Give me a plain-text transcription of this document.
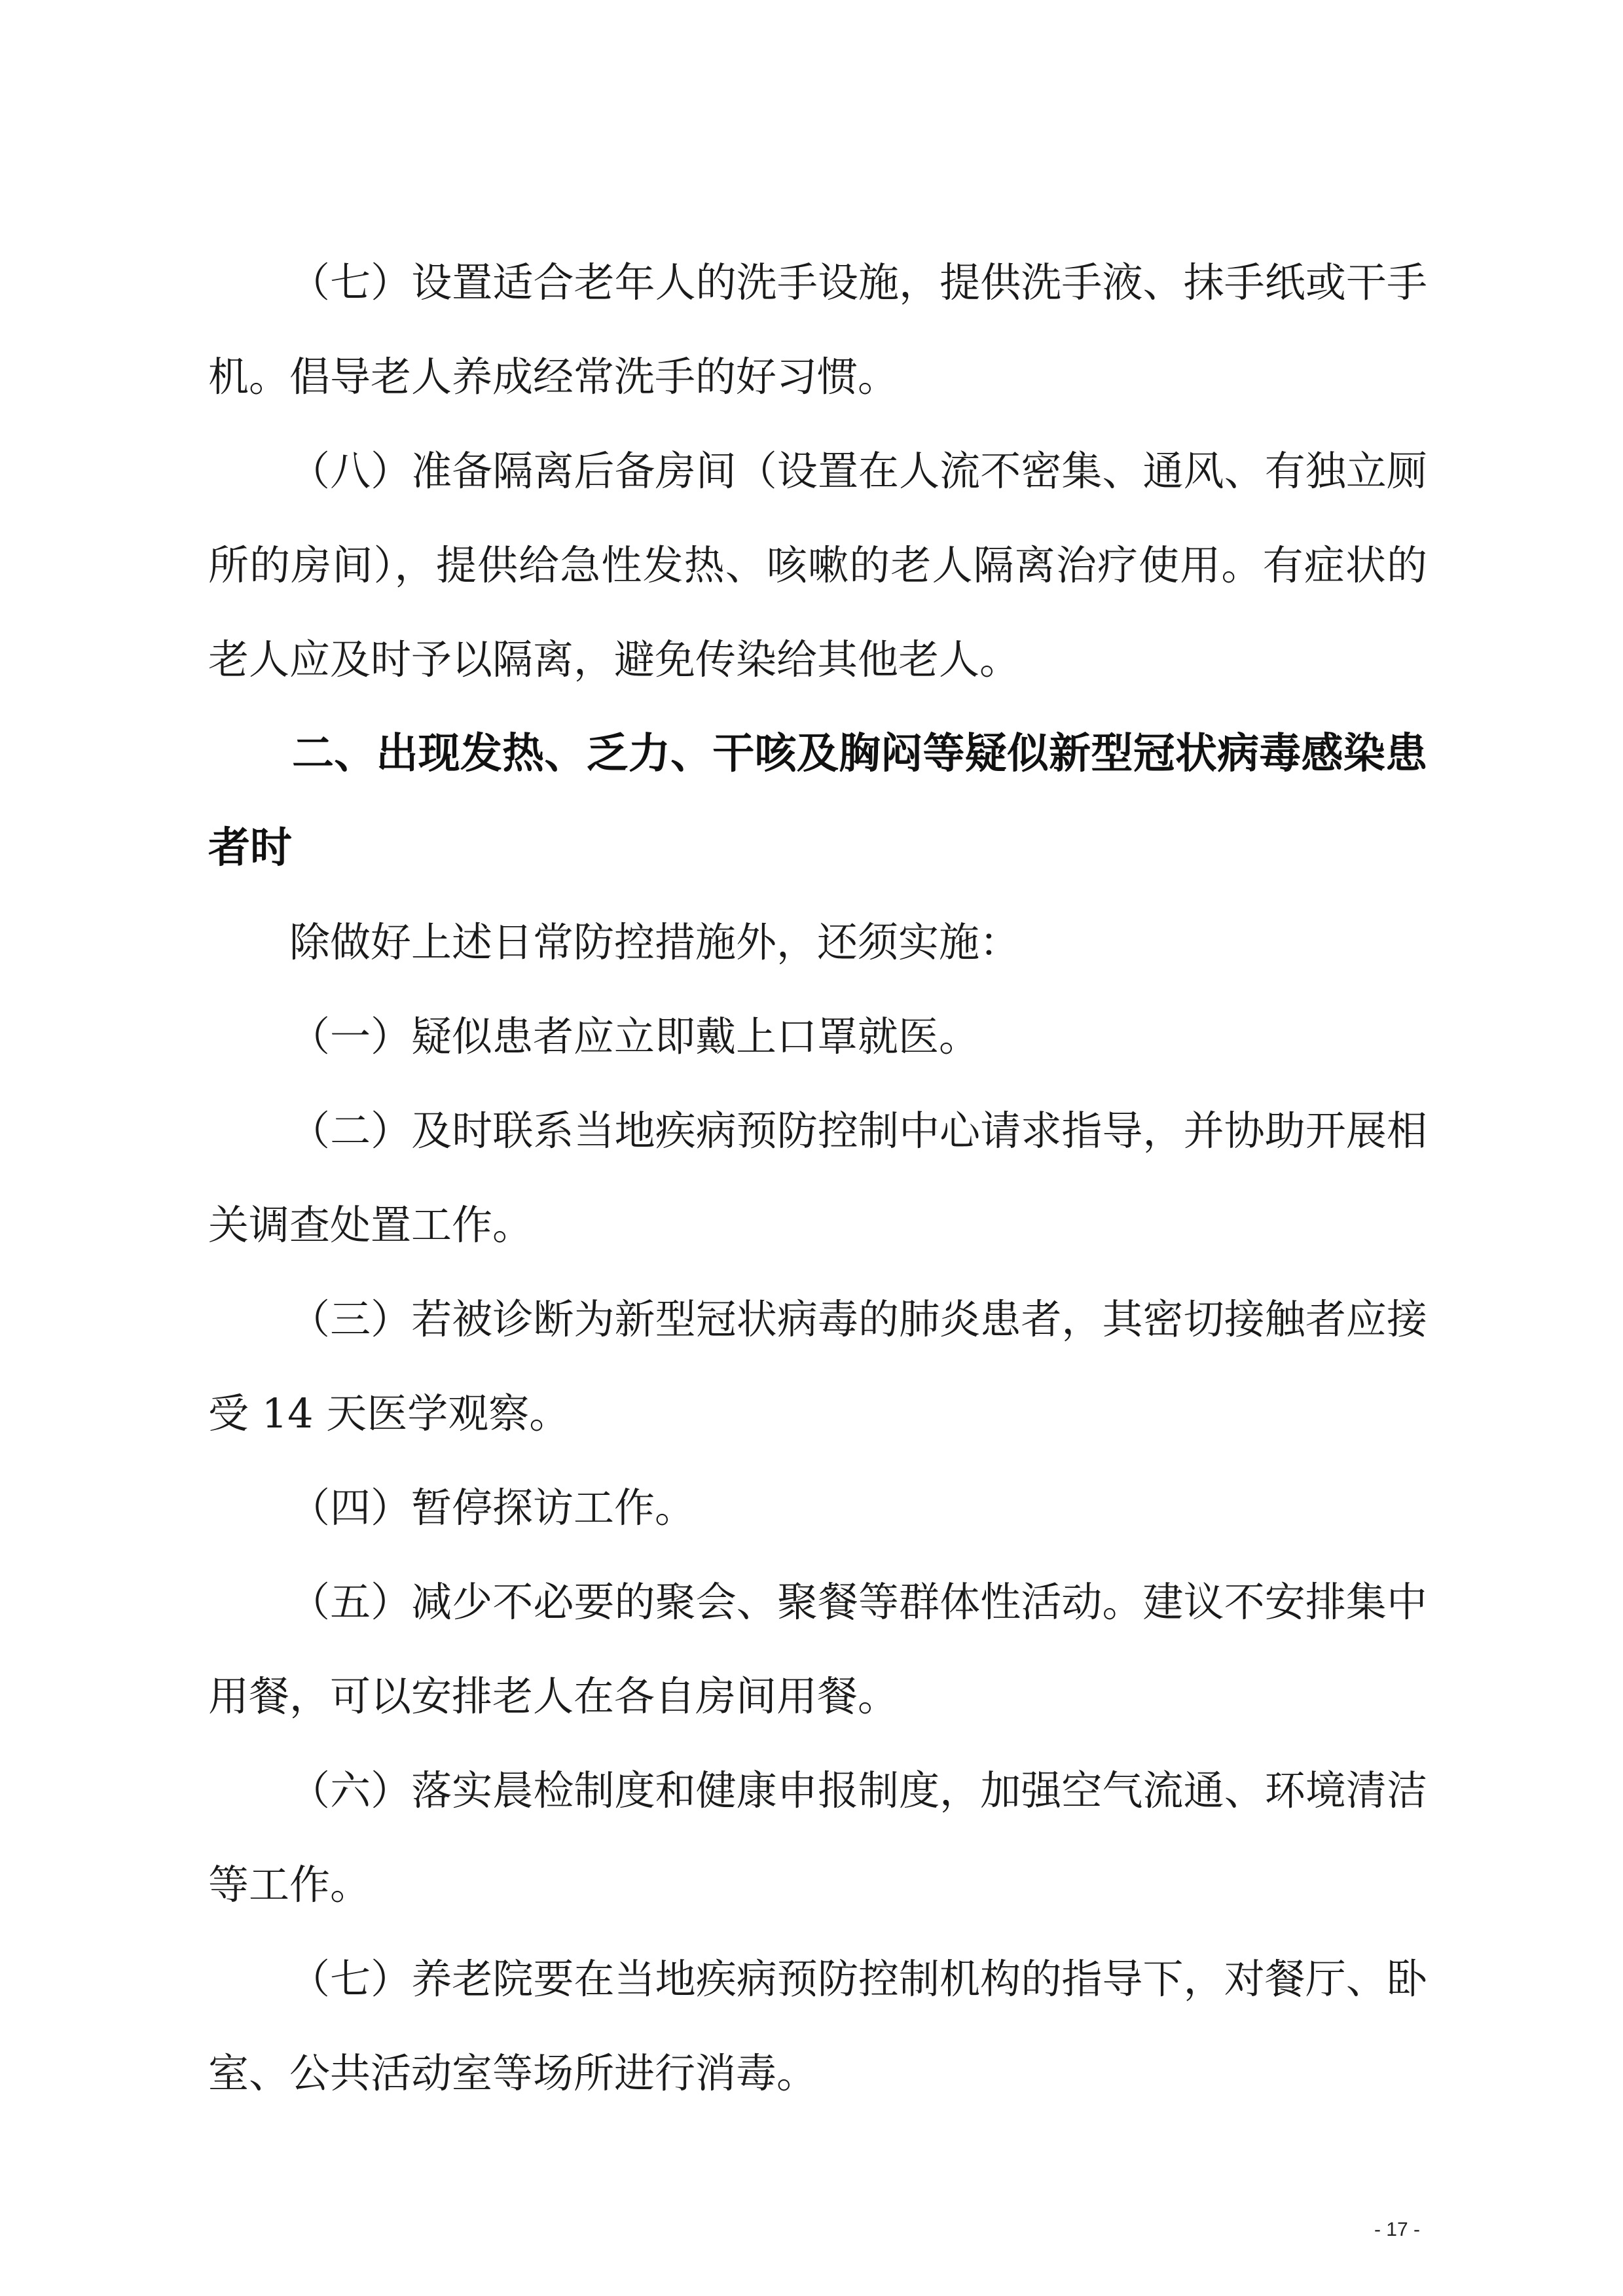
（七）设置适合老年人的洗手设施，提供洗手液、抹手纸或干手机。倡导老人养成经常洗手的好习惯。

（八）准备隔离后备房间（设置在人流不密集、通风、有独立厕所的房间），提供给急性发热、咳嗽的老人隔离治疗使用。有症状的老人应及时予以隔离，避免传染给其他老人。

二、出现发热、乏力、干咳及胸闷等疑似新型冠状病毒感染患者时

除做好上述日常防控措施外，还须实施：

（一）疑似患者应立即戴上口罩就医。

（二）及时联系当地疾病预防控制中心请求指导，并协助开展相关调查处置工作。

（三）若被诊断为新型冠状病毒的肺炎患者，其密切接触者应接受 14 天医学观察。

（四）暂停探访工作。

（五）减少不必要的聚会、聚餐等群体性活动。建议不安排集中用餐，可以安排老人在各自房间用餐。

（六）落实晨检制度和健康申报制度，加强空气流通、环境清洁等工作。

（七）养老院要在当地疾病预防控制机构的指导下，对餐厅、卧室、公共活动室等场所进行消毒。

- 17 -
